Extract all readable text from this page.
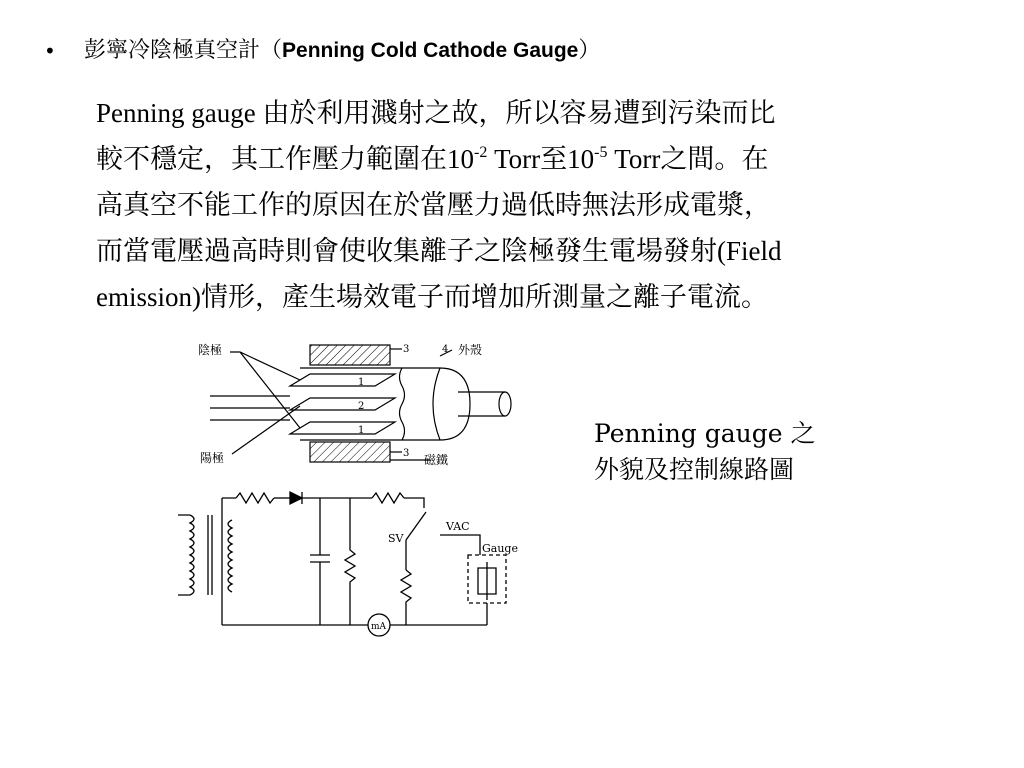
•	彭寧冷陰極真空計（Penning Cold Cathode Gauge）
Penning gauge 由於利用濺射之故，所以容易遭到污染而比
較不穩定，其工作壓力範圍在$10^{-2}$ Torr至$10^{-5}$ Torr之間。在
高真空不能工作的原因在於當壓力過低時無法形成電漿，
而當電壓過高時則會使收集離子之陰極發生電場發射(Field
emission)情形，產生場效電子而增加所測量之離子電流。
陰極
陽極
外殼
磁鐵
3	4
1
2
1
3
SV
VAC
Gauge
mA
Penning gauge 之
外貌及控制線路圖
